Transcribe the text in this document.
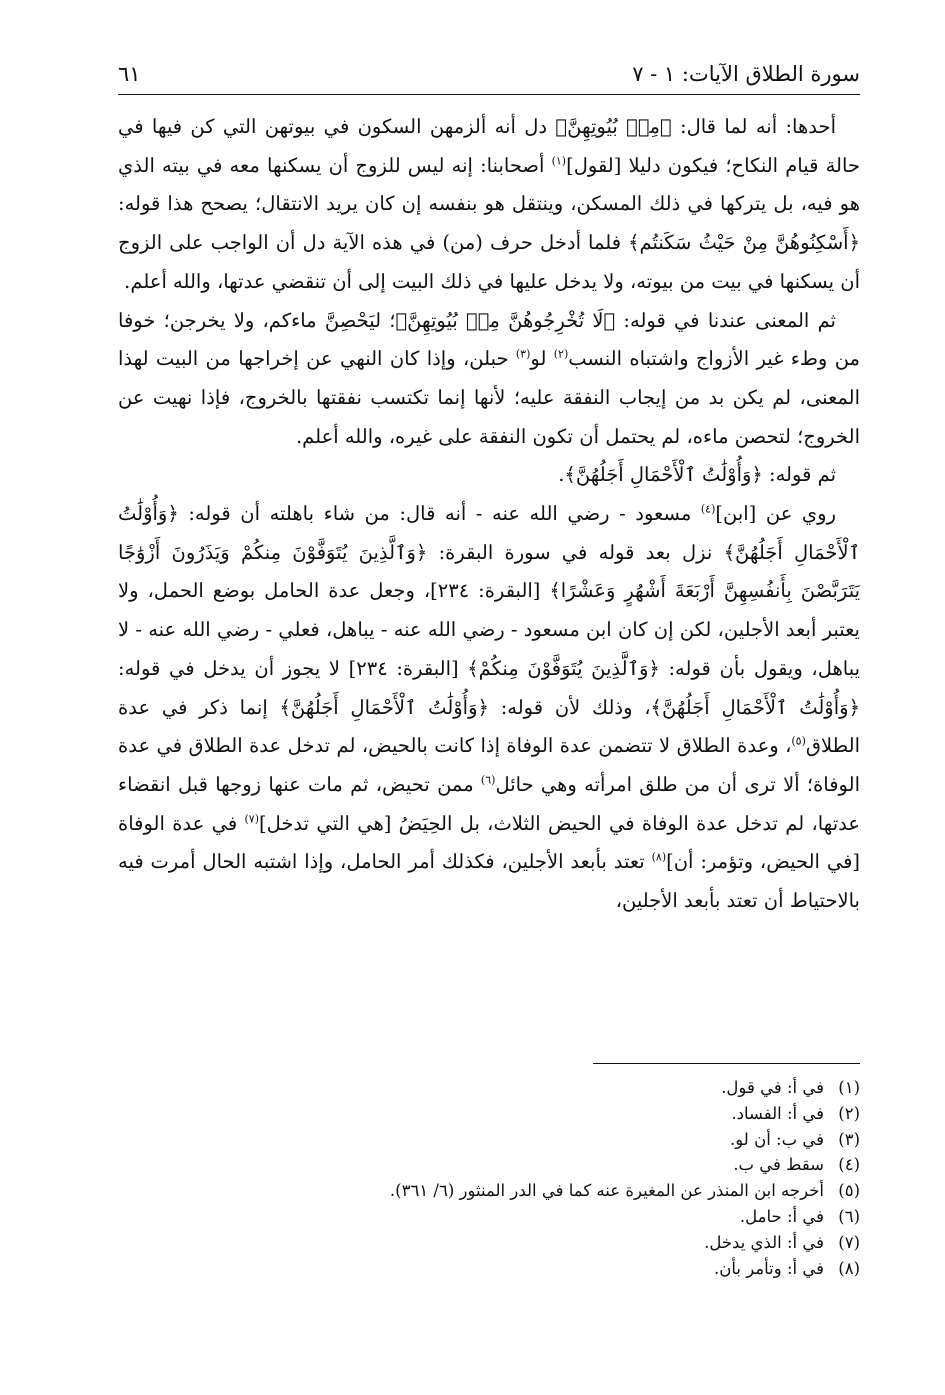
سورة الطلاق الآيات: ١ - ٧
٦١

أحدها: أنه لما قال: ﴿مِنۢ بُيُوتِهِنَّ﴾ دل أنه ألزمهن السكون في بيوتهن التي كن فيها في حالة قيام النكاح؛ فيكون دليلا [لقول]$^{(١)}$ أصحابنا: إنه ليس للزوج أن يسكنها معه في بيته الذي هو فيه، بل يتركها في ذلك المسكن، وينتقل هو بنفسه إن كان يريد الانتقال؛ يصحح هذا قوله: ﴿أَسْكِنُوهُنَّ مِنْ حَيْثُ سَكَنتُم﴾ فلما أدخل حرف (من) في هذه الآية دل أن الواجب على الزوج أن يسكنها في بيت من بيوته، ولا يدخل عليها في ذلك البيت إلى أن تنقضي عدتها، والله أعلم.

ثم المعنى عندنا في قوله: ﴿لَا تُخْرِجُوهُنَّ مِنۢ بُيُوتِهِنَّ﴾؛ ليَحْصِنَّ ماءكم، ولا يخرجن؛ خوفا من وطء غير الأزواج واشتباه النسب$^{(٢)}$ لو$^{(٣)}$ حبلن، وإذا كان النهي عن إخراجها من البيت لهذا المعنى، لم يكن بد من إيجاب النفقة عليه؛ لأنها إنما تكتسب نفقتها بالخروج، فإذا نهيت عن الخروج؛ لتحصن ماءه، لم يحتمل أن تكون النفقة على غيره، والله أعلم.

ثم قوله: ﴿وَأُوْلَٰتُ ٱلْأَحْمَالِ أَجَلُهُنَّ﴾.

روي عن [ابن]$^{(٤)}$ مسعود - رضي الله عنه - أنه قال: من شاء باهلته أن قوله: ﴿وَأُوْلَٰتُ ٱلْأَحْمَالِ أَجَلُهُنَّ﴾ نزل بعد قوله في سورة البقرة: ﴿وَٱلَّذِينَ يُتَوَفَّوْنَ مِنكُمْ وَيَذَرُونَ أَزْوَٰجًا يَتَرَبَّصْنَ بِأَنفُسِهِنَّ أَرْبَعَةَ أَشْهُرٍ وَعَشْرًا﴾ [البقرة: ٢٣٤]، وجعل عدة الحامل بوضع الحمل، ولا يعتبر أبعد الأجلين، لكن إن كان ابن مسعود - رضي الله عنه - يباهل، فعلي - رضي الله عنه - لا يباهل، ويقول بأن قوله: ﴿وَٱلَّذِينَ يُتَوَفَّوْنَ مِنكُمْ﴾ [البقرة: ٢٣٤] لا يجوز أن يدخل في قوله: ﴿وَأُوْلَٰتُ ٱلْأَحْمَالِ أَجَلُهُنَّ﴾، وذلك لأن قوله: ﴿وَأُوْلَٰتُ ٱلْأَحْمَالِ أَجَلُهُنَّ﴾ إنما ذكر في عدة الطلاق$^{(٥)}$، وعدة الطلاق لا تتضمن عدة الوفاة إذا كانت بالحيض، لم تدخل عدة الطلاق في عدة الوفاة؛ ألا ترى أن من طلق امرأته وهي حائل$^{(٦)}$ ممن تحيض، ثم مات عنها زوجها قبل انقضاء عدتها، لم تدخل عدة الوفاة في الحيض الثلاث، بل الحِيَضُ [هي التي تدخل]$^{(٧)}$ في عدة الوفاة [في الحيض، وتؤمر: أن]$^{(٨)}$ تعتد بأبعد الأجلين، فكذلك أمر الحامل، وإذا اشتبه الحال أمرت فيه بالاحتياط أن تعتد بأبعد الأجلين،

(١)في أ: في قول.
(٢)في أ: الفساد.
(٣)في ب: أن لو.
(٤)سقط في ب.
(٥)أخرجه ابن المنذر عن المغيرة عنه كما في الدر المنثور (٦/ ٣٦١).
(٦)في أ: حامل.
(٧)في أ: الذي يدخل.
(٨)في أ: وتأمر بأن.
